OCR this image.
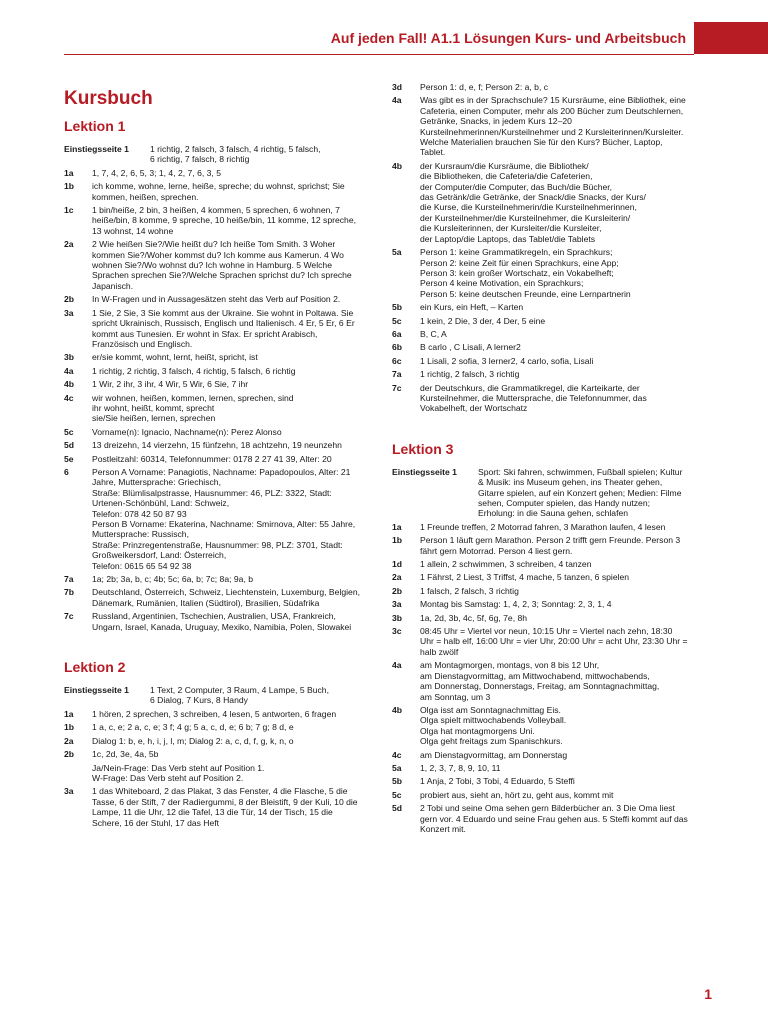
Auf jeden Fall! A1.1 Lösungen Kurs- und Arbeitsbuch
Kursbuch
Lektion 1
Einstiegsseite 1	1 richtig, 2 falsch, 3 falsch, 4 richtig, 5 falsch,
6 richtig, 7 falsch, 8 richtig
1a	1, 7, 4, 2, 6, 5, 3; 1, 4, 2, 7, 6, 3, 5
1b	ich komme, wohne, lerne, heiße, spreche; du wohnst, sprichst; Sie kommen, heißen, sprechen.
1c	1 bin/heiße, 2 bin, 3 heißen, 4 kommen, 5 sprechen, 6 wohnen, 7 heiße/bin, 8 komme, 9 spreche, 10 heiße/bin, 11 komme, 12 spreche, 13 wohnst, 14 wohne
2a	2 Wie heißen Sie?/Wie heißt du? Ich heiße Tom Smith. 3 Woher kommen Sie?/Woher kommst du? Ich komme aus Kamerun. 4 Wo wohnen Sie?/Wo wohnst du? Ich wohne in Hamburg. 5 Welche Sprachen sprechen Sie?/Welche Sprachen sprichst du? Ich spreche Japanisch.
2b	In W-Fragen und in Aussagesätzen steht das Verb auf Position 2.
3a	1 Sie, 2 Sie, 3 Sie kommt aus der Ukraine. Sie wohnt in Poltawa. Sie spricht Ukrainisch, Russisch, Englisch und Italienisch. 4 Er, 5 Er, 6 Er kommt aus Tunesien. Er wohnt in Sfax. Er spricht Arabisch, Französisch und Englisch.
3b	er/sie kommt, wohnt, lernt, heißt, spricht, ist
4a	1 richtig, 2 richtig, 3 falsch, 4 richtig, 5 falsch, 6 richtig
4b	1 Wir, 2 ihr, 3 ihr, 4 Wir, 5 Wir, 6 Sie, 7 ihr
4c	wir wohnen, heißen, kommen, lernen, sprechen, sind
ihr wohnt, heißt, kommt, sprecht
sie/Sie heißen, lernen, sprechen
5c	Vorname(n): Ignacio, Nachname(n): Perez Alonso
5d	13 dreizehn, 14 vierzehn, 15 fünfzehn, 18 achtzehn, 19 neunzehn
5e	Postleitzahl: 60314, Telefonnummer: 0178 2 27 41 39, Alter: 20
6	Person A Vorname: Panagiotis, Nachname: Papadopoulos, Alter: 21 Jahre, Muttersprache: Griechisch,
Straße: Blümlisalpstrasse, Hausnummer: 46, PLZ: 3322, Stadt: Urtenen-Schönbühl, Land: Schweiz,
Telefon: 078 42 50 87 93
Person B Vorname: Ekaterina, Nachname: Smirnova, Alter: 55 Jahre, Muttersprache: Russisch,
Straße: Prinzregentenstraße, Hausnummer: 98, PLZ: 3701, Stadt: Großweikersdorf, Land: Österreich,
Telefon: 0615 65 54 92 38
7a	1a; 2b; 3a, b, c; 4b; 5c; 6a, b; 7c; 8a; 9a, b
7b	Deutschland, Österreich, Schweiz, Liechtenstein, Luxemburg, Belgien, Dänemark, Rumänien, Italien (Südtirol), Brasilien, Südafrika
7c	Russland, Argentinien, Tschechien, Australien, USA, Frankreich, Ungarn, Israel, Kanada, Uruguay, Mexiko, Namibia, Polen, Slowakei
Lektion 2
Einstiegsseite 1	1 Text, 2 Computer, 3 Raum, 4 Lampe, 5 Buch,
6 Dialog, 7 Kurs, 8 Handy
1a	1 hören, 2 sprechen, 3 schreiben, 4 lesen, 5 antworten, 6 fragen
1b	1 a, c, e; 2 a, c, e; 3 f; 4 g; 5 a, c, d, e; 6 b; 7 g; 8 d, e
2a	Dialog 1: b, e, h, i, j, l, m; Dialog 2: a, c, d, f, g, k, n, o
2b	1c, 2d, 3e, 4a, 5b
Ja/Nein-Frage: Das Verb steht auf Position 1.
W-Frage: Das Verb steht auf Position 2.
3a	1 das Whiteboard, 2 das Plakat, 3 das Fenster, 4 die Flasche, 5 die Tasse, 6 der Stift, 7 der Radiergummi, 8 der Bleistift, 9 der Kuli, 10 die Lampe, 11 die Uhr, 12 die Tafel, 13 die Tür, 14 der Tisch, 15 die Schere, 16 der Stuhl, 17 das Heft
3d	Person 1: d, e, f; Person 2: a, b, c
4a	Was gibt es in der Sprachschule? 15 Kursräume, eine Bibliothek, eine Cafeteria, einen Computer, mehr als 200 Bücher zum Deutschlernen, Getränke, Snacks, in jedem Kurs 12–20 Kursteilnehmerinnen/Kursteilnehmer und 2 Kursleiterinnen/Kursleiter. Welche Materialien brauchen Sie für den Kurs? Bücher, Laptop, Tablet.
4b	der Kursraum/die Kursräume, die Bibliothek/
die Bibliotheken, die Cafeteria/die Cafeterien,
der Computer/die Computer, das Buch/die Bücher,
das Getränk/die Getränke, der Snack/die Snacks, der Kurs/
die Kurse, die Kursteilnehmerin/die Kursteilnehmerinnen,
der Kursteilnehmer/die Kursteilnehmer, die Kursleiterin/
die Kursleiterinnen, der Kursleiter/die Kursleiter,
der Laptop/die Laptops, das Tablet/die Tablets
5a	Person 1: keine Grammatikregeln, ein Sprachkurs;
Person 2: keine Zeit für einen Sprachkurs, eine App;
Person 3: kein großer Wortschatz, ein Vokabelheft;
Person 4 keine Motivation, ein Sprachkurs;
Person 5: keine deutschen Freunde, eine Lernpartnerin
5b	ein Kurs, ein Heft, – Karten
5c	1 kein, 2 Die, 3 der, 4 Der, 5 eine
6a	B, C, A
6b	B carlo , C Lisali, A lerner2
6c	1 Lisali, 2 sofia, 3 lerner2, 4 carlo, sofia, Lisali
7a	1 richtig, 2 falsch, 3 richtig
7c	der Deutschkurs, die Grammatikregel, die Karteikarte, der Kursteilnehmer, die Muttersprache, die Telefonnummer, das Vokabelheft, der Wortschatz
Lektion 3
Einstiegsseite 1	Sport: Ski fahren, schwimmen, Fußball spielen; Kultur & Musik: ins Museum gehen, ins Theater gehen, Gitarre spielen, auf ein Konzert gehen; Medien: Filme sehen, Computer spielen, das Handy nutzen; Erholung: in die Sauna gehen, schlafen
1a	1 Freunde treffen, 2 Motorrad fahren, 3 Marathon laufen, 4 lesen
1b	Person 1 läuft gern Marathon. Person 2 trifft gern Freunde. Person 3 fährt gern Motorrad. Person 4 liest gern.
1d	1 allein, 2 schwimmen, 3 schreiben, 4 tanzen
2a	1 Fährst, 2 Liest, 3 Triffst, 4 mache, 5 tanzen, 6 spielen
2b	1 falsch, 2 falsch, 3 richtig
3a	Montag bis Samstag: 1, 4, 2, 3; Sonntag: 2, 3, 1, 4
3b	1a, 2d, 3b, 4c, 5f, 6g, 7e, 8h
3c	08:45 Uhr = Viertel vor neun, 10:15 Uhr = Viertel nach zehn, 18:30 Uhr = halb elf, 16:00 Uhr = vier Uhr, 20:00 Uhr = acht Uhr, 23:30 Uhr = halb zwölf
4a	am Montagmorgen, montags, von 8 bis 12 Uhr,
am Dienstagvormittag, am Mittwochabend, mittwochabends,
am Donnerstag, Donnerstags, Freitag, am Sonntagnachmittag,
am Sonntag, um 3
4b	Olga isst am Sonntagnachmittag Eis.
Olga spielt mittwochabends Volleyball.
Olga hat montagmorgens Uni.
Olga geht freitags zum Spanischkurs.
4c	am Dienstagvormittag, am Donnerstag
5a	1, 2, 3, 7, 8, 9, 10, 11
5b	1 Anja, 2 Tobi, 3 Tobi, 4 Eduardo, 5 Steffi
5c	probiert aus, sieht an, hört zu, geht aus, kommt mit
5d	2 Tobi und seine Oma sehen gern Bilderbücher an. 3 Die Oma liest gern vor. 4 Eduardo und seine Frau gehen aus. 5 Steffi kommt auf das Konzert mit.
1
